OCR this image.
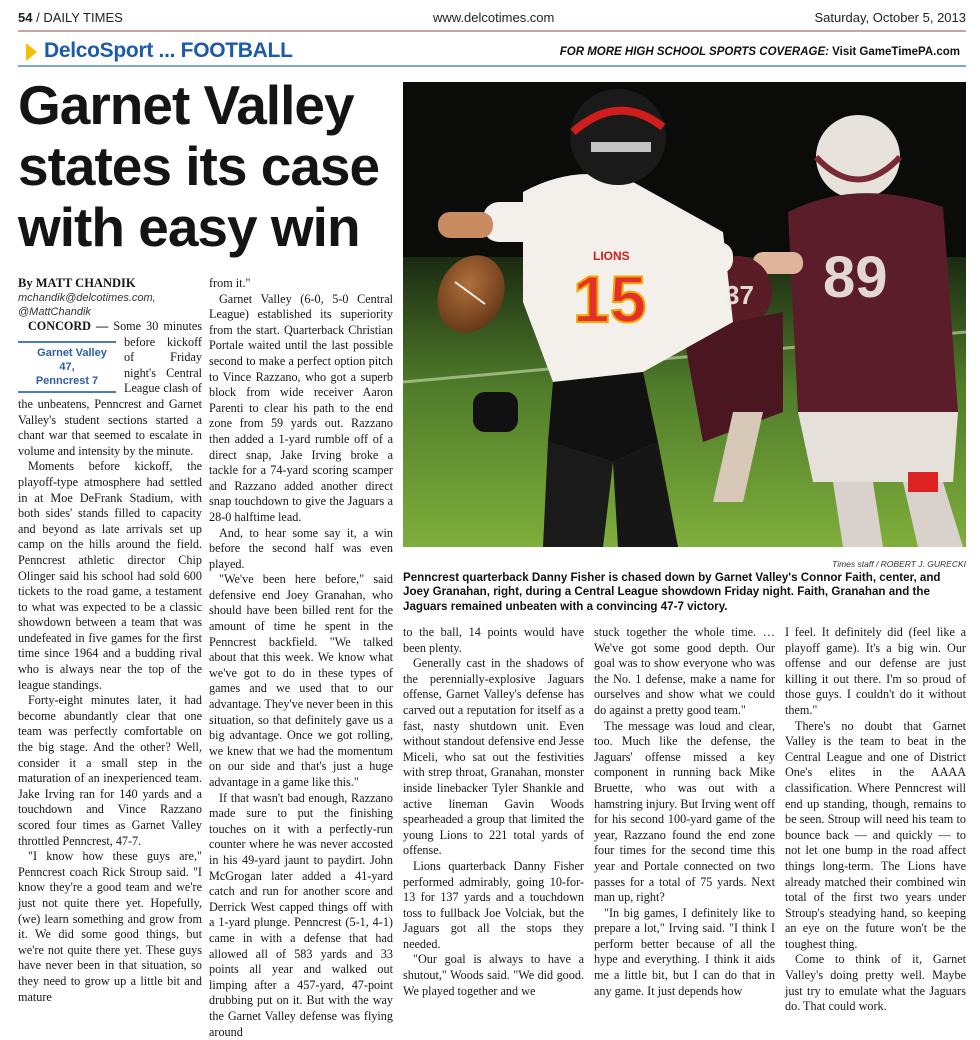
54 / DAILY TIMES	www.delcotimes.com	Saturday, October 5, 2013
DelcoSport ... FOOTBALL	FOR MORE HIGH SCHOOL SPORTS COVERAGE: Visit GameTimePA.com
Garnet Valley states its case with easy win
15
LIONS	89
37
Times staff / ROBERT J. GURECKI
Penncrest quarterback Danny Fisher is chased down by Garnet Valley's Connor Faith, center, and Joey Granahan, right, during a Central League showdown Friday night. Faith, Granahan and the Jaguars remained unbeaten with a convincing 47-7 victory.
By MATT CHANDIK
mchandik@delcotimes.com,
@MattChandik

CONCORD —
Garnet Valley 47,
Penncrest 7
Some 30 minutes before kickoff of Friday night's Central League clash of the unbeatens, Penncrest and Garnet Valley's student sections started a chant war that seemed to escalate in volume and intensity by the minute.

Moments before kickoff, the playoff-type atmosphere had settled in at Moe DeFrank Stadium, with both sides' stands filled to capacity and beyond as late arrivals set up camp on the hills around the field. Penncrest athletic director Chip Olinger said his school had sold 600 tickets to the road game, a testament to what was expected to be a classic showdown between a team that was undefeated in five games for the first time since 1964 and a budding rival who is always near the top of the league standings.

Forty-eight minutes later, it had become abundantly clear that one team was perfectly comfortable on the big stage. And the other? Well, consider it a small step in the maturation of an inexperienced team. Jake Irving ran for 140 yards and a touchdown and Vince Razzano scored four times as Garnet Valley throttled Penncrest, 47-7.

"I know how these guys are," Penncrest coach Rick Stroup said. "I know they're a good team and we're just not quite there yet. Hopefully, (we) learn something and grow from it. We did some good things, but we're not quite there yet. These guys have never been in that situation, so they need to grow up a little bit and mature

from it."

Garnet Valley (6-0, 5-0 Central League) established its superiority from the start. Quarterback Christian Portale waited until the last possible second to make a perfect option pitch to Vince Razzano, who got a superb block from wide receiver Aaron Parenti to clear his path to the end zone from 59 yards out. Razzano then added a 1-yard rumble off of a direct snap, Jake Irving broke a tackle for a 74-yard scoring scamper and Razzano added another direct snap touchdown to give the Jaguars a 28-0 halftime lead.

And, to hear some say it, a win before the second half was even played.

"We've been here before," said defensive end Joey Granahan, who should have been billed rent for the amount of time he spent in the Penncrest backfield. "We talked about that this week. We know what we've got to do in these types of games and we used that to our advantage. They've never been in this situation, so that definitely gave us a big advantage. Once we got rolling, we knew that we had the momentum on our side and that's just a huge advantage in a game like this."

If that wasn't bad enough, Razzano made sure to put the finishing touches on it with a perfectly-run counter where he was never accosted in his 49-yard jaunt to paydirt. John McGrogan later added a 41-yard catch and run for another score and Derrick West capped things off with a 1-yard plunge. Penncrest (5-1, 4-1) came in with a defense that had allowed all of 583 yards and 33 points all year and walked out limping after a 457-yard, 47-point drubbing put on it. But with the way the Garnet Valley defense was flying around

to the ball, 14 points would have been plenty.

Generally cast in the shadows of the perennially-explosive Jaguars offense, Garnet Valley's defense has carved out a reputation for itself as a fast, nasty shutdown unit. Even without standout defensive end Jesse Miceli, who sat out the festivities with strep throat, Granahan, monster inside linebacker Tyler Shankle and active lineman Gavin Woods spearheaded a group that limited the young Lions to 221 total yards of offense.

Lions quarterback Danny Fisher performed admirably, going 10-for-13 for 137 yards and a touchdown toss to fullback Joe Volciak, but the Jaguars got all the stops they needed.

"Our goal is always to have a shutout," Woods said. "We did good. We played together and we

stuck together the whole time. … We've got some good depth. Our goal was to show everyone who was the No. 1 defense, make a name for ourselves and show what we could do against a pretty good team."

The message was loud and clear, too. Much like the defense, the Jaguars' offense missed a key component in running back Mike Bruette, who was out with a hamstring injury. But Irving went off for his second 100-yard game of the year, Razzano found the end zone four times for the second time this year and Portale connected on two passes for a total of 75 yards. Next man up, right?

"In big games, I definitely like to prepare a lot," Irving said. "I think I perform better because of all the hype and everything. I think it aids me a little bit, but I can do that in any game. It just depends how

I feel. It definitely did (feel like a playoff game). It's a big win. Our offense and our defense are just killing it out there. I'm so proud of those guys. I couldn't do it without them."

There's no doubt that Garnet Valley is the team to beat in the Central League and one of District One's elites in the AAAA classification. Where Penncrest will end up standing, though, remains to be seen. Stroup will need his team to bounce back — and quickly — to not let one bump in the road affect things long-term. The Lions have already matched their combined win total of the first two years under Stroup's steadying hand, so keeping an eye on the future won't be the toughest thing.

Come to think of it, Garnet Valley's doing pretty well. Maybe just try to emulate what the Jaguars do. That could work.
